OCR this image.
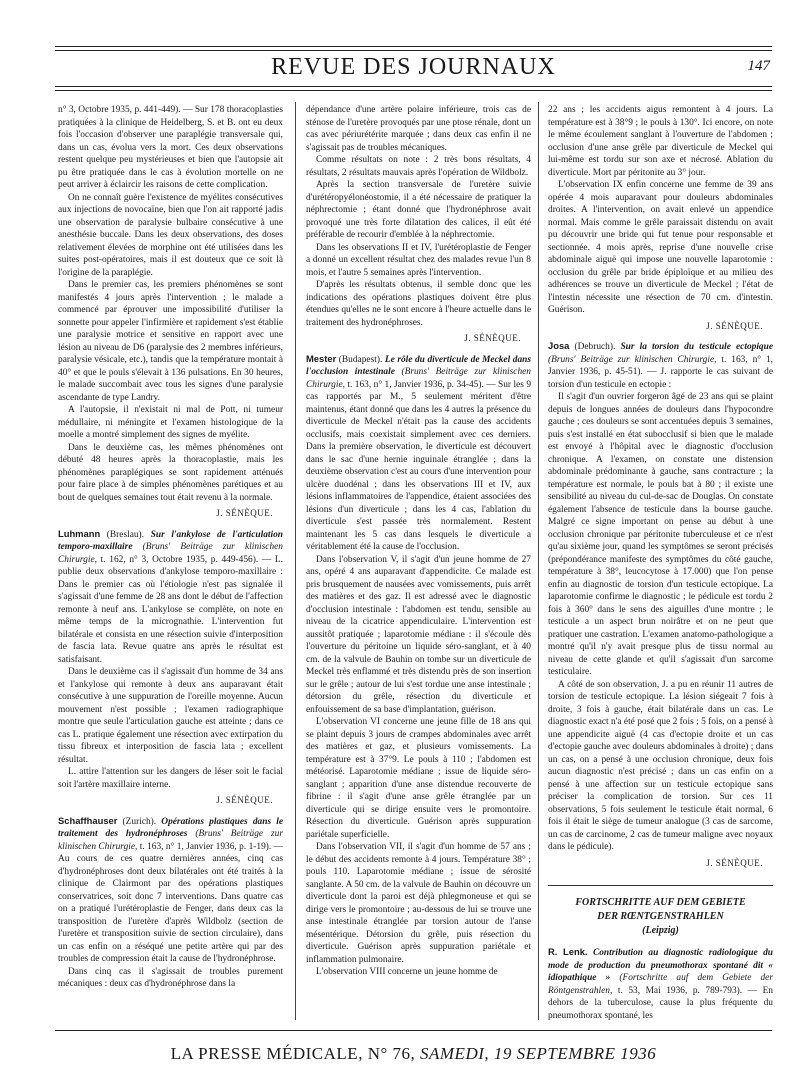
REVUE DES JOURNAUX	147

n° 3, Octobre 1935, p. 441-449). — Sur 178 thoracoplasties pratiquées à la clinique de Heidelberg, S. et B. ont eu deux fois l'occasion d'observer une paraplégie transversale qui, dans un cas, évolua vers la mort. Ces deux observations restent quelque peu mystérieuses et bien que l'autopsie ait pu être pratiquée dans le cas à évolution mortelle on ne peut arriver à éclaircir les raisons de cette complication.

On ne connaît guère l'existence de myélites consécutives aux injections de novocaïne, bien que l'on ait rapporté jadis une observation de paralysie bulbaire consécutive à une anesthésie buccale. Dans les deux observations, des doses relativement élevées de morphine ont été utilisées dans les suites post-opératoires, mais il est douteux que ce soit là l'origine de la paraplégie.

Dans le premier cas, les premiers phénomènes se sont manifestés 4 jours après l'intervention ; le malade a commencé par éprouver une impossibilité d'utiliser la sonnette pour appeler l'infirmière et rapidement s'est établie une paralysie motrice et sensitive en rapport avec une lésion au niveau de D6 (paralysie des 2 membres inférieurs, paralysie vésicale, etc.), tandis que la température montait à 40° et que le pouls s'élevait à 136 pulsations. En 30 heures, le malade succombait avec tous les signes d'une paralysie ascendante de type Landry.

A l'autopsie, il n'existait ni mal de Pott, ni tumeur médullaire, ni méningite et l'examen histologique de la moelle a montré simplement des signes de myélite.

Dans le deuxième cas, les mêmes phénomènes ont débuté 48 heures après la thoracoplastie, mais les phénomènes paraplégiques se sont rapidement atténués pour faire place à de simples phénomènes parétiques et au bout de quelques semaines tout était revenu à la normale.

J. SÉNÈQUE.

Luhmann (Breslau). Sur l'ankylose de l'articulation temporo-maxillaire (Bruns' Beiträge zur klinischen Chirurgie, t. 162, n° 3, Octobre 1935, p. 449-456). — L. publie deux observations d'ankylose temporo-maxillaire : Dans le premier cas où l'étiologie n'est pas signalée il s'agissait d'une femme de 28 ans dont le début de l'affection remonte à neuf ans. L'ankylose se complète, on note en même temps de la micrognathie. L'intervention fut bilatérale et consista en une résection suivie d'interposition de fascia lata. Revue quatre ans après le résultat est satisfaisant.

Dans le deuxième cas il s'agissait d'un homme de 34 ans et l'ankylose qui remonte à deux ans auparavant était consécutive à une suppuration de l'oreille moyenne. Aucun mouvement n'est possible ; l'examen radiographique montre que seule l'articulation gauche est atteinte ; dans ce cas L. pratique également une résection avec extirpation du tissu fibreux et interposition de fascia lata ; excellent résultat.

L. attire l'attention sur les dangers de léser soit le facial soit l'artère maxillaire interne.

J. SÉNÈQUE.

Schaffhauser (Zurich). Opérations plastiques dans le traitement des hydronéphroses (Bruns' Beiträge zur klinischen Chirurgie, t. 163, n° 1, Janvier 1936, p. 1-19). — Au cours de ces quatre dernières années, cinq cas d'hydronéphroses dont deux bilatérales ont été traités à la clinique de Clairmont par des opérations plastiques conservatrices, soit donc 7 interventions. Dans quatre cas on a pratiqué l'urétéroplastie de Fenger, dans deux cas la transposition de l'uretère d'après Wildbolz (section de l'uretère et transposition suivie de section circulaire), dans un cas enfin on a réséqué une petite artère qui par des troubles de compression était la cause de l'hydronéphrose.

Dans cinq cas il s'agissait de troubles purement mécaniques : deux cas d'hydronéphrose dans la

dépendance d'une artère polaire inférieure, trois cas de sténose de l'uretère provoqués par une ptose rénale, dont un cas avec périurétérite marquée ; dans deux cas enfin il ne s'agissait pas de troubles mécaniques.

Comme résultats on note : 2 très bons résultats, 4 résultats, 2 résultats mauvais après l'opération de Wildbolz.

Après la section transversale de l'uretère suivie d'urétéropyélonéostomie, il a été nécessaire de pratiquer la néphrectomie ; étant donné que l'hydronéphrose avait provoqué une très forte dilatation des calices, il eût été préférable de recourir d'emblée à la néphrectomie.

Dans les observations II et IV, l'urétéroplastie de Fenger a donné un excellent résultat chez des malades revue l'un 8 mois, et l'autre 5 semaines après l'intervention.

D'après les résultats obtenus, il semble donc que les indications des opérations plastiques doivent être plus étendues qu'elles ne le sont encore à l'heure actuelle dans le traitement des hydronéphroses.

J. SÉNÈQUE.

Mester (Budapest). Le rôle du diverticule de Meckel dans l'occlusion intestinale (Bruns' Beiträge zur klinischen Chirurgie, t. 163, n° 1, Janvier 1936, p. 34-45). — Sur les 9 cas rapportés par M., 5 seulement méritent d'être maintenus, étant donné que dans les 4 autres la présence du diverticule de Meckel n'était pas la cause des accidents occlusifs, mais coexistait simplement avec ces derniers. Dans la première observation, le diverticule est découvert dans le sac d'une hernie inguinale étranglée ; dans la deuxième observation c'est au cours d'une intervention pour ulcère duodénal ; dans les observations III et IV, aux lésions inflammatoires de l'appendice, étaient associées des lésions d'un diverticule ; dans les 4 cas, l'ablation du diverticule s'est passée très normalement. Restent maintenant les 5 cas dans lesquels le diverticule a véritablement été la cause de l'occlusion.

Dans l'observation V, il s'agit d'un jeune homme de 27 ans, opéré 4 ans auparavant d'appendicite. Ce malade est pris brusquement de nausées avec vomissements, puis arrêt des matières et des gaz. Il est adressé avec le diagnostic d'occlusion intestinale : l'abdomen est tendu, sensible au niveau de la cicatrice appendiculaire. L'intervention est aussitôt pratiquée ; laparotomie médiane : il s'écoule dès l'ouverture du péritoine un liquide séro-sanglant, et à 40 cm. de la valvule de Bauhin on tombe sur un diverticule de Meckel très enflammé et très distendu près de son insertion sur le grêle ; autour de lui s'est tordue une anse intestinale ; détorsion du grêle, résection du diverticule et enfouissement de sa base d'implantation, guérison.

L'observation VI concerne une jeune fille de 18 ans qui se plaint depuis 3 jours de crampes abdominales avec arrêt des matières et gaz, et plusieurs vomissements. La température est à 37°9. Le pouls à 110 ; l'abdomen est météorisé. Laparotomie médiane ; issue de liquide séro-sanglant ; apparition d'une anse distendue recouverte de fibrine : il s'agit d'une anse grêle étranglée par un diverticule qui se dirige ensuite vers le promontoire. Résection du diverticule. Guérison après suppuration pariétale superficielle.

Dans l'observation VII, il s'agit d'un homme de 57 ans ; le début des accidents remonte à 4 jours. Température 38° ; pouls 110. Laparotomie médiane ; issue de sérosité sanglante. A 50 cm. de la valvule de Bauhin on découvre un diverticule dont la paroi est déjà phlegmoneuse et qui se dirige vers le promontoire ; au-dessous de lui se trouve une anse intestinale étranglée par torsion autour de l'anse mésentérique. Détorsion du grêle, puis résection du diverticule. Guérison après suppuration pariétale et inflammation pulmonaire.

L'observation VIII concerne un jeune homme de

22 ans ; les accidents aigus remontent à 4 jours. La température est à 38°9 ; le pouls à 130°. Ici encore, on note le même écoulement sanglant à l'ouverture de l'abdomen ; occlusion d'une anse grêle par diverticule de Meckel qui lui-même est tordu sur son axe et nécrosé. Ablation du diverticule. Mort par péritonite au 3° jour.

L'observation IX enfin concerne une femme de 39 ans opérée 4 mois auparavant pour douleurs abdominales droites. A l'intervention, on avait enlevé un appendice normal. Mais comme le grêle paraissait distendu on avait pu découvrir une bride qui fut tenue pour responsable et sectionnée. 4 mois après, reprise d'une nouvelle crise abdominale aiguë qui impose une nouvelle laparotomie : occlusion du grêle par bride épiploïque et au milieu des adhérences se trouve un diverticule de Meckel ; l'état de l'intestin nécessite une résection de 70 cm. d'intestin. Guérison.

J. SÉNÈQUE.

Josa (Debruch). Sur la torsion du testicule ectopique (Bruns' Beiträge zur klinischen Chirurgie, t. 163, n° 1, Janvier 1936, p. 45-51). — J. rapporte le cas suivant de torsion d'un testicule en ectopie :

Il s'agit d'un ouvrier forgeron âgé de 23 ans qui se plaint depuis de longues années de douleurs dans l'hypocondre gauche ; ces douleurs se sont accentuées depuis 3 semaines, puis s'est installé en état subocclusif si bien que le malade est envoyé à l'hôpital avec le diagnostic d'occlusion chronique. A l'examen, on constate une distension abdominale prédominante à gauche, sans contracture ; la température est normale, le pouls bat à 80 ; il existe une sensibilité au niveau du cul-de-sac de Douglas. On constate également l'absence de testicule dans la bourse gauche. Malgré ce signe important on pense au début à une occlusion chronique par péritonite tuberculeuse et ce n'est qu'au sixième jour, quand les symptômes se seront précisés (prépondérance manifeste des symptômes du côté gauche, température à 38°, leucocytose à 17.000) que l'on pense enfin au diagnostic de torsion d'un testicule ectopique. La laparotomie confirme le diagnostic ; le pédicule est tordu 2 fois à 360° dans le sens des aiguilles d'une montre ; le testicule a un aspect brun noirâtre et on ne peut que pratiquer une castration. L'examen anatomo-pathologique a montré qu'il n'y avait presque plus de tissu normal au niveau de cette glande et qu'il s'agissait d'un sarcome testiculaire.

A côté de son observation, J. a pu en réunir 11 autres de torsion de testicule ectopique. La lésion siégeait 7 fois à droite, 3 fois à gauche, était bilatérale dans un cas. Le diagnostic exact n'a été posé que 2 fois ; 5 fois, on a pensé à une appendicite aiguë (4 cas d'ectopie droite et un cas d'ectopie gauche avec douleurs abdominales à droite) ; dans un cas, on a pensé à une occlusion chronique, deux fois aucun diagnostic n'est précisé ; dans un cas enfin on a pensé à une affection sur un testicule ectopique sans préciser la complication de torsion. Sur ces 11 observations, 5 fois seulement le testicule était normal, 6 fois il était le siège de tumeur analogue (3 cas de sarcome, un cas de carcinome, 2 cas de tumeur maligne avec noyaux dans le pédicule).

J. SÉNÈQUE.
FORTSCHRITTE AUF DEM GEBIETE
DER RŒNTGENSTRAHLEN
(Leipzig)

R. Lenk. Contribution au diagnostic radiologique du mode de production du pneumothorax spontané dit « idiopathique » (Fortschritte auf dem Gebiete der Röntgenstrahlen, t. 53, Mai 1936, p. 789-793). — En dehors de la tuberculose, cause la plus fréquente du pneumothorax spontané, les

LA PRESSE MÉDICALE, N° 76, SAMEDI, 19 SEPTEMBRE 1936
